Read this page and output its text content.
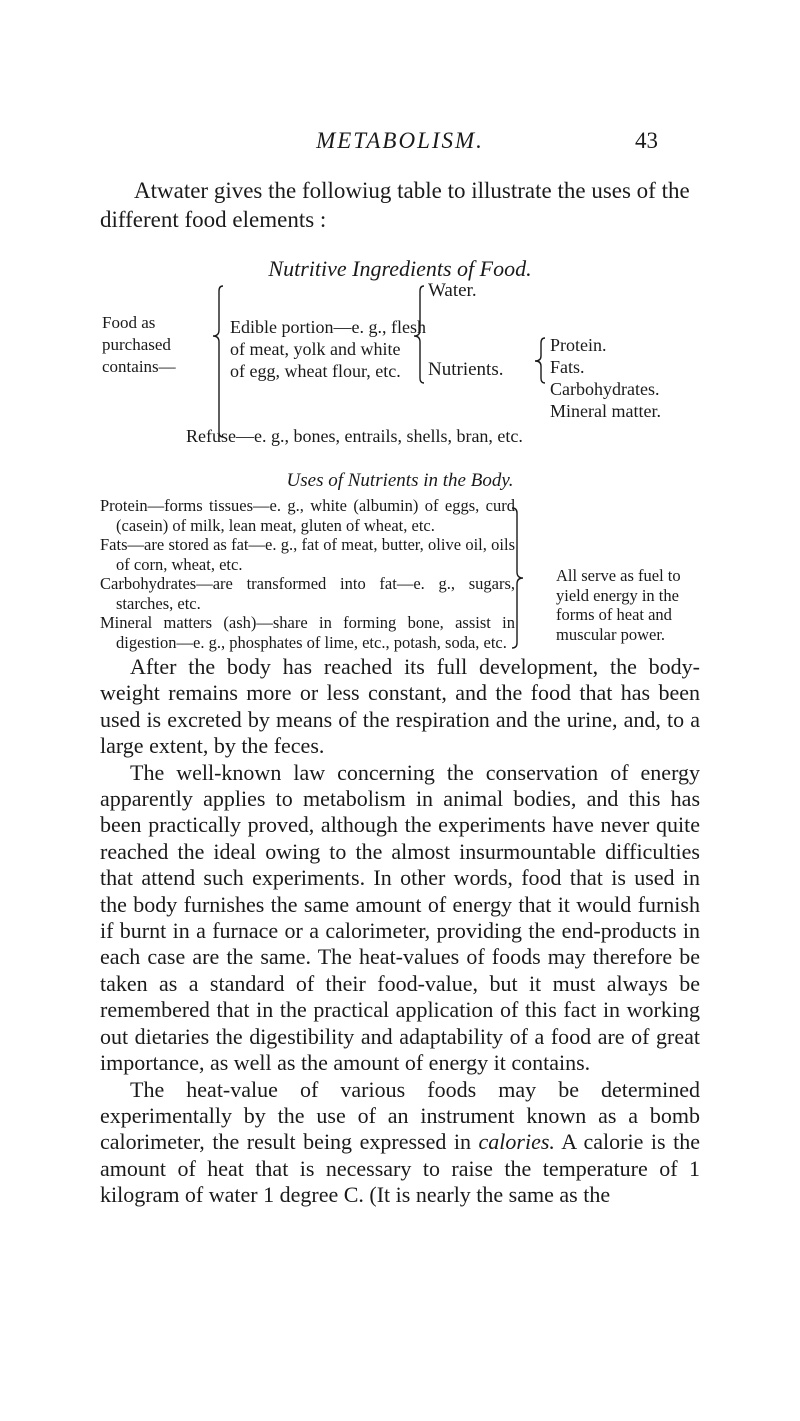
METABOLISM.	43

Atwater gives the followiug table to illustrate the uses of the

different food elements :

Nutritive Ingredients of Food.
Food as
purchased
contains—
Edible portion—e. g., flesh
of meat, yolk and white
of egg, wheat flour, etc.
Water.
Nutrients.
Protein.
Fats.
Carbohydrates.
Mineral matter.
Refuse—e. g., bones, entrails, shells, bran, etc.
Uses of Nutrients in the Body.

Protein—forms tissues—e. g., white (albumin) of eggs, curd (casein) of milk, lean meat, gluten of wheat, etc.

Fats—are stored as fat—e. g., fat of meat, butter, olive oil, oils of corn, wheat, etc.

Carbohydrates—are transformed into fat—e. g., sugars, starches, etc.

Mineral matters (ash)—share in forming bone, assist in digestion—e. g., phosphates of lime, etc., potash, soda, etc.

All serve as fuel to yield energy in the forms of heat and muscular power.

After the body has reached its full development, the body-weight remains more or less constant, and the food that has been used is excreted by means of the respiration and the urine, and, to a large extent, by the feces.

The well-known law concerning the conservation of energy apparently applies to metabolism in animal bodies, and this has been practically proved, although the experiments have never quite reached the ideal owing to the almost insurmountable difficulties that attend such experiments. In other words, food that is used in the body furnishes the same amount of energy that it would furnish if burnt in a furnace or a calorimeter, providing the end-products in each case are the same. The heat-values of foods may therefore be taken as a standard of their food-value, but it must always be remembered that in the practical application of this fact in working out dietaries the digestibility and adaptability of a food are of great importance, as well as the amount of energy it contains.

The heat-value of various foods may be determined experimentally by the use of an instrument known as a bomb calorimeter, the result being expressed in calories. A calorie is the amount of heat that is necessary to raise the temperature of 1 kilogram of water 1 degree C. (It is nearly the same as the
